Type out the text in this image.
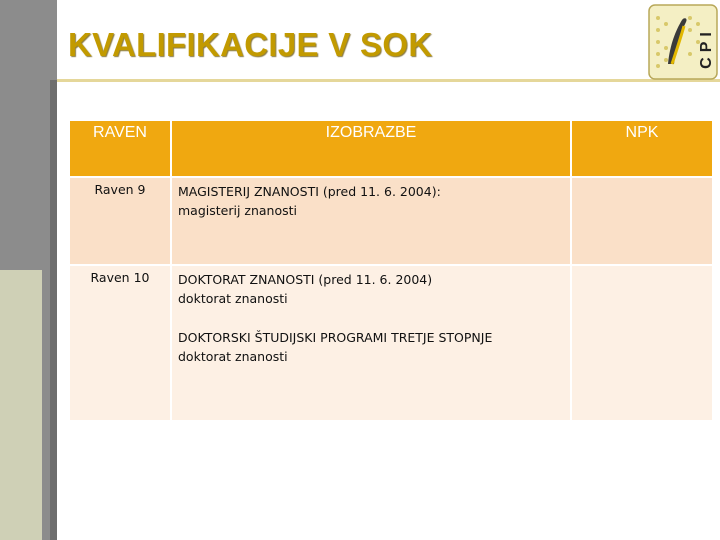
KVALIFIKACIJE V SOK	CPI
RAVEN	IZOBRAZBE	NPK
Raven 9	MAGISTERIJ ZNANOSTI (pred 11. 6. 2004):

magisterij znanosti	

Raven 10	DOKTORAT ZNANOSTI (pred 11. 6. 2004)

doktorat znanosti

DOKTORSKI ŠTUDIJSKI PROGRAMI TRETJE STOPNJE

doktorat znanosti	
